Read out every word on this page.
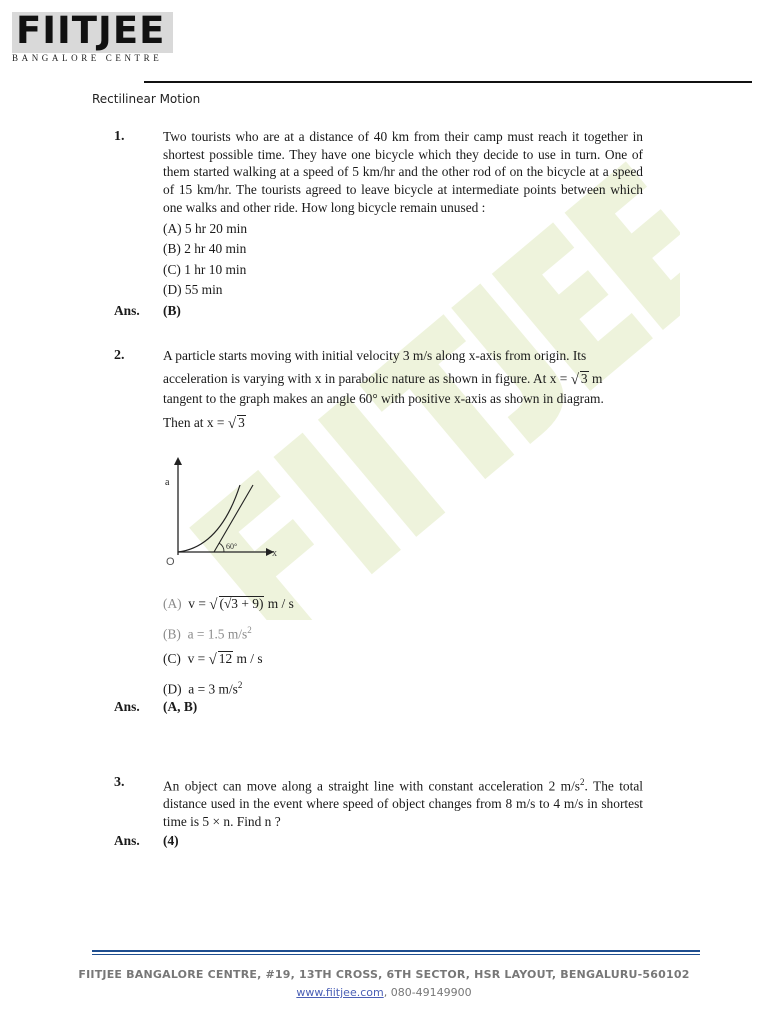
FIITJEE
BANGALORE CENTRE
Rectilinear Motion
1.	Two tourists who are at a distance of 40 km from their camp must reach it together in shortest possible time. They have one bicycle which they decide to use in turn. One of them started walking at a speed of 5 km/hr and the other rod of on the bicycle at a speed of 15 km/hr. The tourists agreed to leave bicycle at intermediate points between which one walks and other ride. How long bicycle remain unused :
(A) 5 hr 20 min
(B) 2 hr 40 min
(C) 1 hr 10 min
(D) 55 min
Ans. (B)
2.	A particle starts moving with initial velocity 3 m/s along x-axis from origin. Its
acceleration is varying with x in parabolic nature as shown in figure. At x = √ 3 m
tangent to the graph makes an angle 60° with positive x-axis as shown in diagram.
Then at x = √ 3
60°
a
x
O
(A) v = √ (√3 + 9) m / s
(B) a = 1.5 $m/s^2$
(C) v = √ 12 m / s
(D) a = 3 $m/s^2$
Ans. (A, B)
3.	An object can move along a straight line with constant acceleration 2 $m/s^2$. The total distance used in the event where speed of object changes from 8 m/s to 4 m/s in shortest time is 5 × n. Find n ?
Ans. (4)
FIITJEE BANGALORE CENTRE, #19, 13TH CROSS, 6TH SECTOR, HSR LAYOUT, BENGALURU-560102
www.fiitjee.com, 080-49149900
